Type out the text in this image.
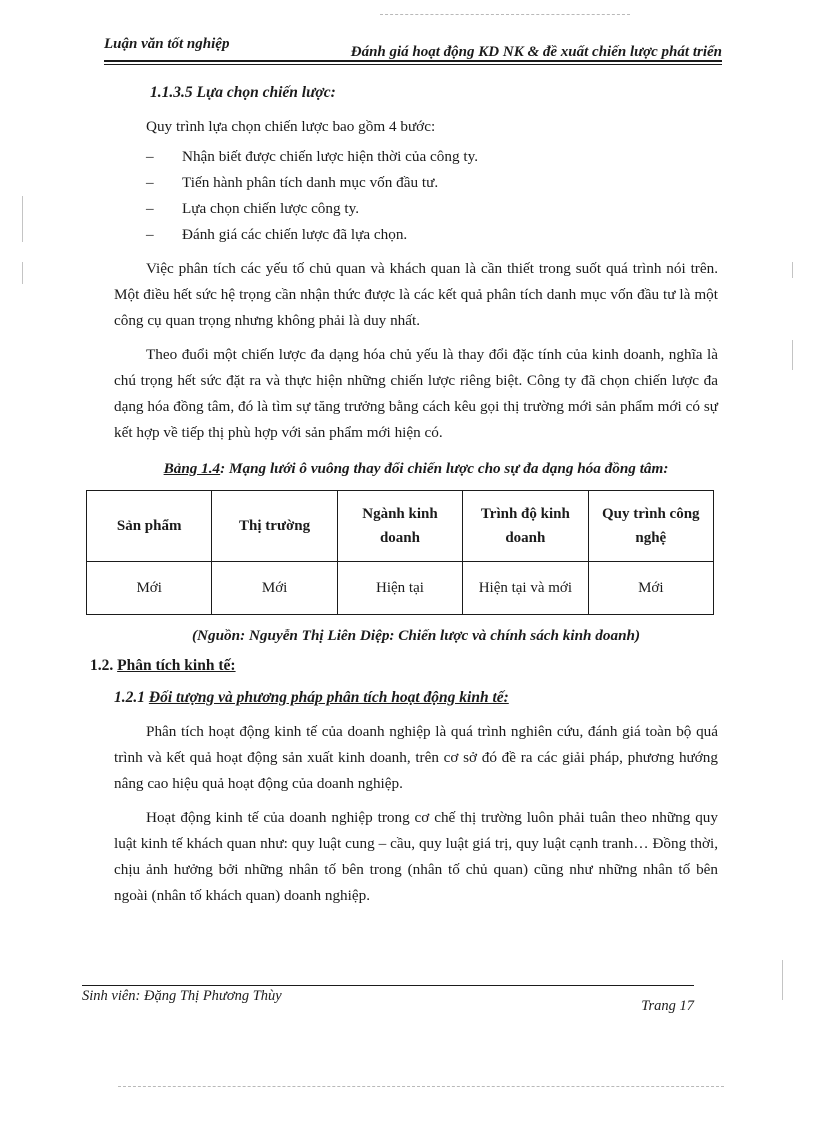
Luận văn tốt nghiệp	Đánh giá hoạt động KD NK & đề xuất chiến lược phát triển
1.1.3.5 Lựa chọn chiến lược:

Quy trình lựa chọn chiến lược bao gồm 4 bước:

– Nhận biết được chiến lược hiện thời của công ty.
– Tiến hành phân tích danh mục vốn đầu tư.
– Lựa chọn chiến lược công ty.
– Đánh giá các chiến lược đã lựa chọn.

Việc phân tích các yếu tố chủ quan và khách quan là cần thiết trong suốt quá trình nói trên. Một điều hết sức hệ trọng cần nhận thức được là các kết quả phân tích danh mục vốn đầu tư là một công cụ quan trọng nhưng không phải là duy nhất.

Theo đuổi một chiến lược đa dạng hóa chủ yếu là thay đổi đặc tính của kinh doanh, nghĩa là chú trọng hết sức đặt ra và thực hiện những chiến lược riêng biệt. Công ty đã chọn chiến lược đa dạng hóa đồng tâm, đó là tìm sự tăng trưởng bằng cách kêu gọi thị trường mới sản phẩm mới có sự kết hợp về tiếp thị phù hợp với sản phẩm mới hiện có.

Bảng 1.4: Mạng lưới ô vuông thay đổi chiến lược cho sự đa dạng hóa đồng tâm:
Sản phẩm	Thị trường	Ngành kinh doanh	Trình độ kinh doanh	Quy trình công nghệ
Mới	Mới	Hiện tại	Hiện tại và mới	Mới

(Nguồn: Nguyễn Thị Liên Diệp: Chiến lược và chính sách kinh doanh)

1.2. Phân tích kinh tế:
1.2.1 Đối tượng và phương pháp phân tích hoạt động kinh tế:

Phân tích hoạt động kinh tế của doanh nghiệp là quá trình nghiên cứu, đánh giá toàn bộ quá trình và kết quả hoạt động sản xuất kinh doanh, trên cơ sở đó đề ra các giải pháp, phương hướng nâng cao hiệu quả hoạt động của doanh nghiệp.

Hoạt động kinh tế của doanh nghiệp trong cơ chế thị trường luôn phải tuân theo những quy luật kinh tế khách quan như: quy luật cung – cầu, quy luật giá trị, quy luật cạnh tranh… Đồng thời, chịu ảnh hưởng bởi những nhân tố bên trong (nhân tố chủ quan) cũng như những nhân tố bên ngoài (nhân tố khách quan) doanh nghiệp.

Sinh viên: Đặng Thị Phương Thùy
Trang 17
